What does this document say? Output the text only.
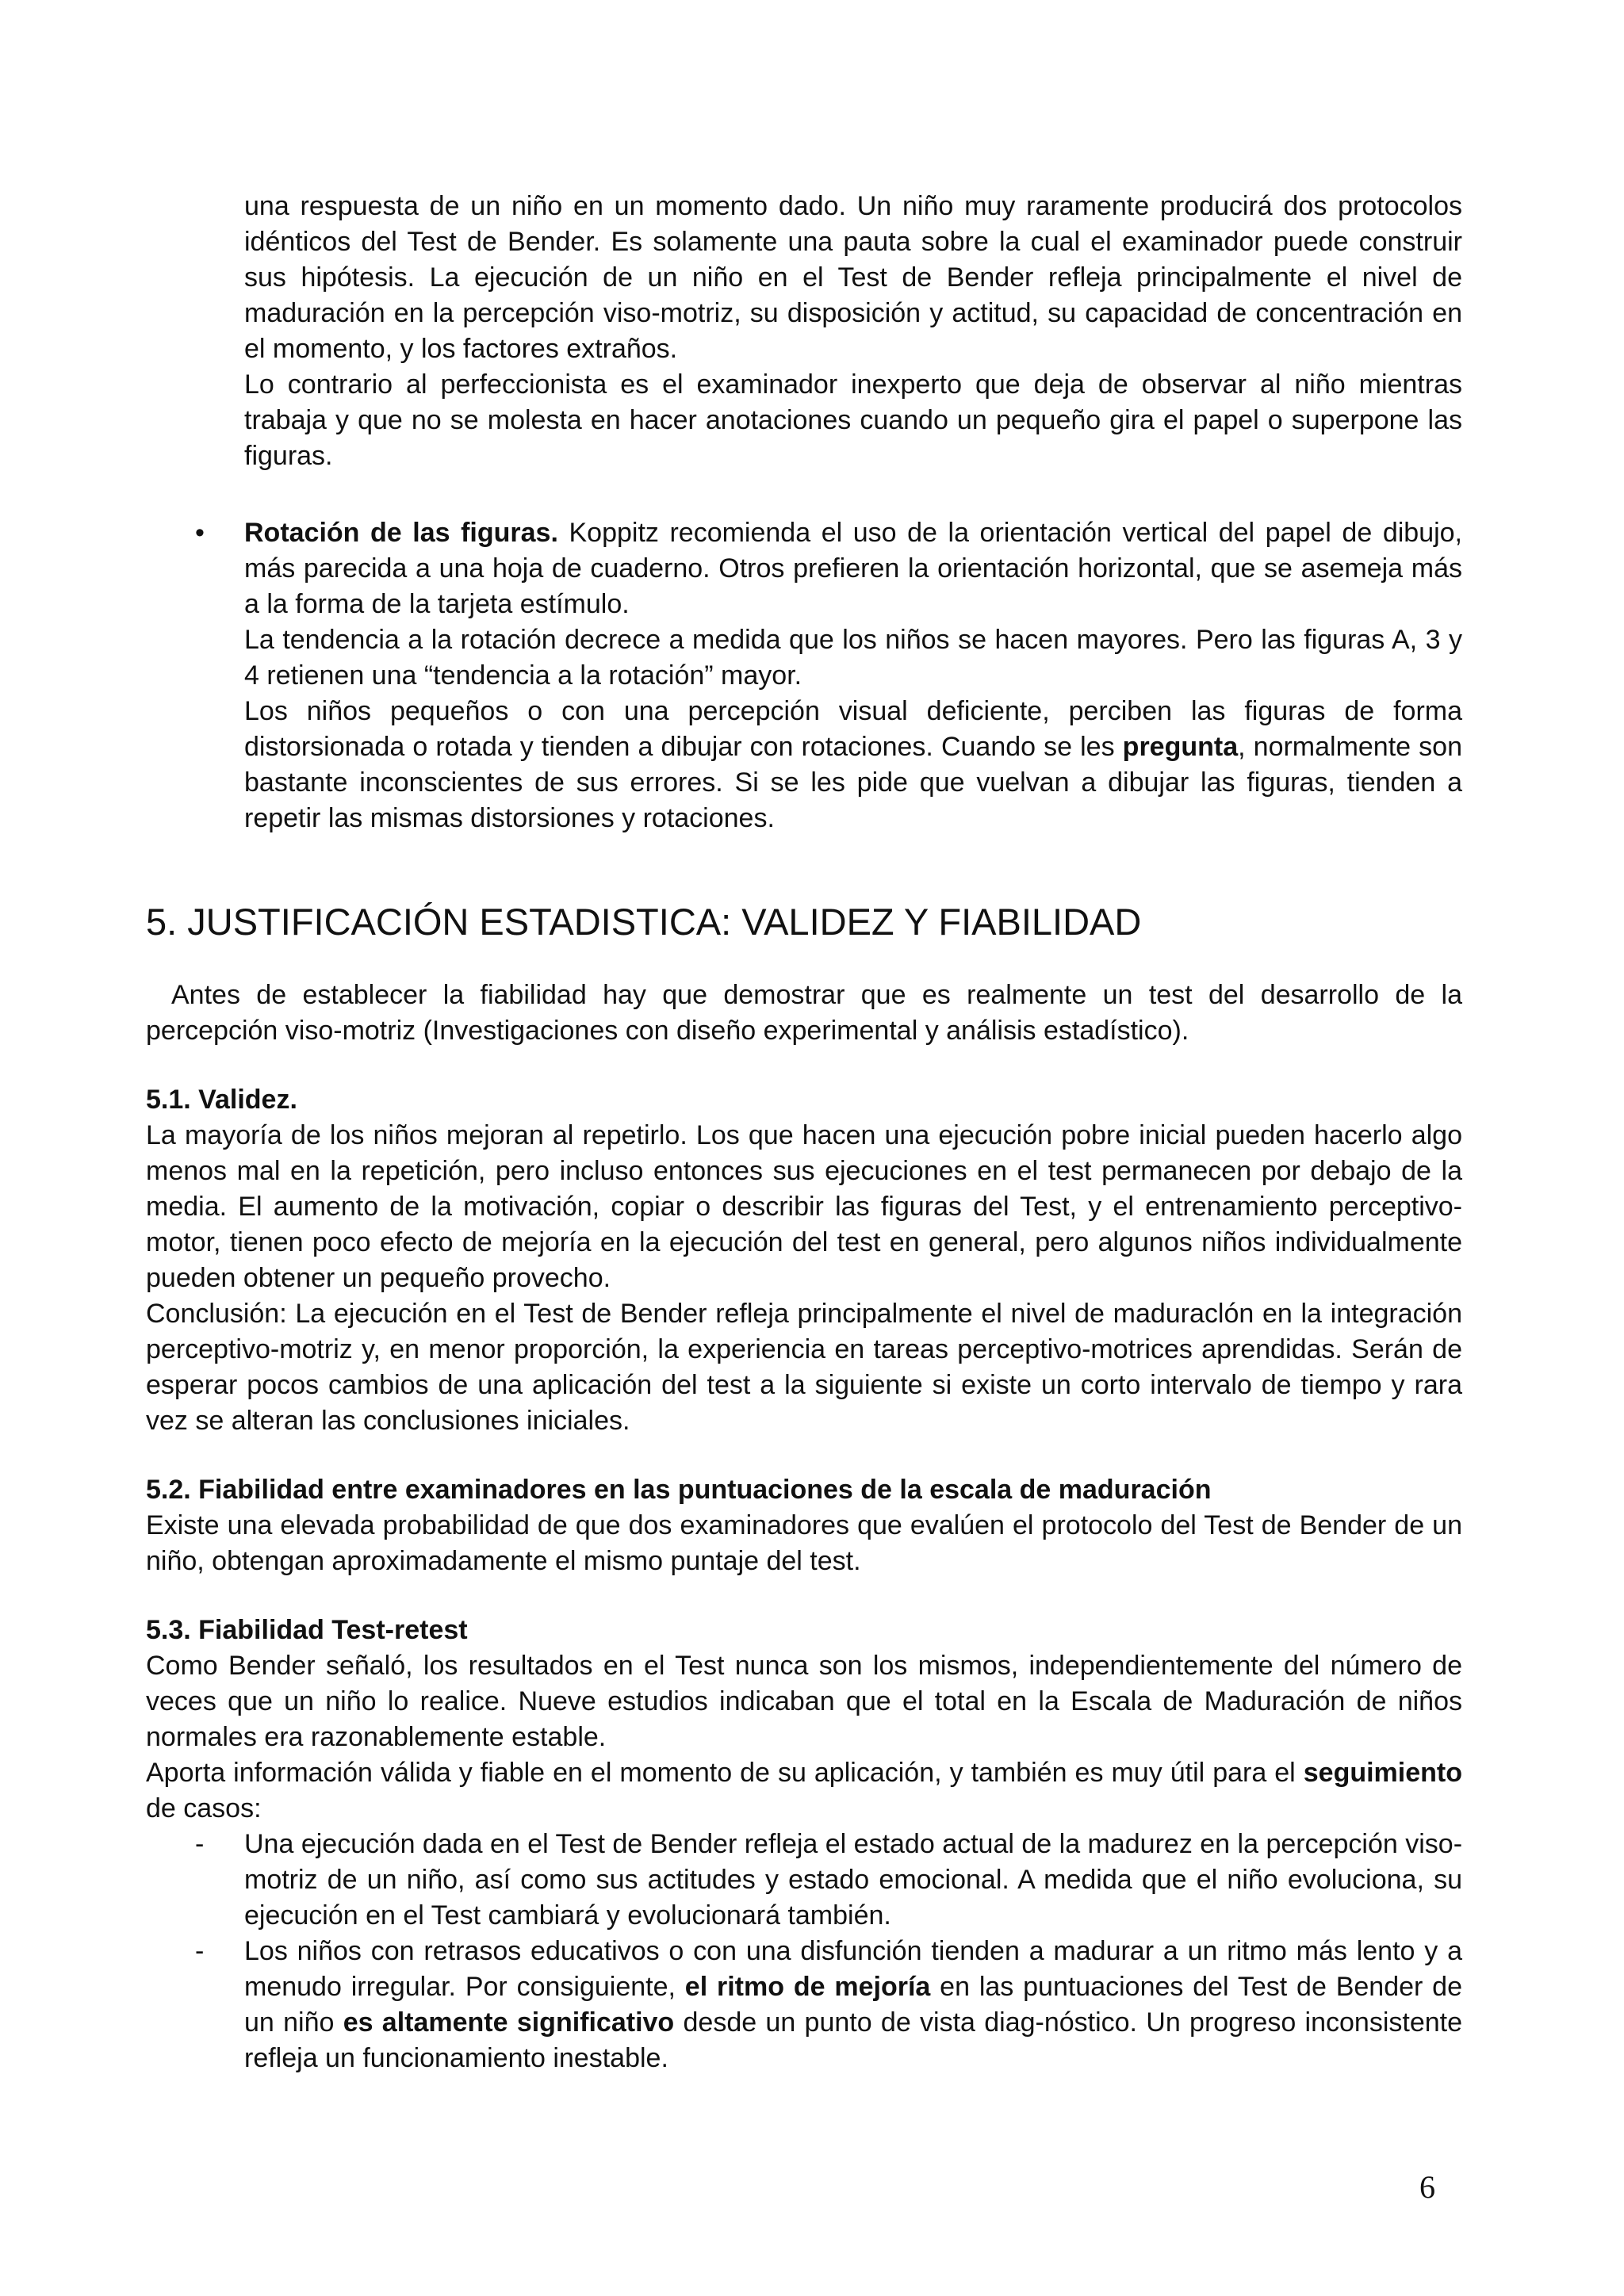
una respuesta de un niño en un momento dado. Un niño muy raramente producirá dos protocolos idénticos del Test de Bender. Es solamente una pauta sobre la cual el examinador puede construir sus hipótesis. La ejecución de un niño en el Test de Bender refleja principalmente el nivel de maduración en la percepción viso-motriz, su disposición y actitud, su capacidad de concentración en el momento, y los factores extraños.

Lo contrario al perfeccionista es el examinador inexperto que deja de observar al niño mientras trabaja y que no se molesta en hacer anotaciones cuando un pequeño gira el papel o superpone las figuras.

• Rotación de las figuras. Koppitz recomienda el uso de la orientación vertical del papel de dibujo, más parecida a una hoja de cuaderno. Otros prefieren la orientación horizontal, que se asemeja más a la forma de la tarjeta estímulo.

La tendencia a la rotación decrece a medida que los niños se hacen mayores. Pero las figuras A, 3 y 4 retienen una “tendencia a la rotación” mayor.

Los niños pequeños o con una percepción visual deficiente, perciben las figuras de forma distorsionada o rotada y tienden a dibujar con rotaciones. Cuando se les pregunta, normalmente son bastante inconscientes de sus errores. Si se les pide que vuelvan a dibujar las figuras, tienden a repetir las mismas distorsiones y rotaciones.

5. JUSTIFICACIÓN ESTADISTICA: VALIDEZ Y FIABILIDAD

Antes de establecer la fiabilidad hay que demostrar que es realmente un test del desarrollo de la percepción viso-motriz (Investigaciones con diseño experimental y análisis estadístico).

5.1. Validez.

La mayoría de los niños mejoran al repetirlo. Los que hacen una ejecución pobre inicial pueden hacerlo algo menos mal en la repetición, pero incluso entonces sus ejecuciones en el test permanecen por debajo de la media. El aumento de la motivación, copiar o describir las figuras del Test, y el entrenamiento perceptivo-motor, tienen poco efecto de mejoría en la ejecución del test en general, pero algunos niños individualmente pueden obtener un pequeño provecho.

Conclusión: La ejecución en el Test de Bender refleja principalmente el nivel de maduraclón en la integración perceptivo-motriz y, en menor proporción, la experiencia en tareas perceptivo-motrices aprendidas. Serán de esperar pocos cambios de una aplicación del test a la siguiente si existe un corto intervalo de tiempo y rara vez se alteran las conclusiones iniciales.

5.2. Fiabilidad entre examinadores en las puntuaciones de la escala de maduración

Existe una elevada probabilidad de que dos examinadores que evalúen el protocolo del Test de Bender de un niño, obtengan aproximadamente el mismo puntaje del test.

5.3. Fiabilidad Test-retest

Como Bender señaló, los resultados en el Test nunca son los mismos, independientemente del número de veces que un niño lo realice. Nueve estudios indicaban que el total en la Escala de Maduración de niños normales era razonablemente estable.

Aporta información válida y fiable en el momento de su aplicación, y también es muy útil para el seguimiento de casos:

- Una ejecución dada en el Test de Bender refleja el estado actual de la madurez en la percepción viso-motriz de un niño, así como sus actitudes y estado emocional. A medida que el niño evoluciona, su ejecución en el Test cambiará y evolucionará también.

- Los niños con retrasos educativos o con una disfunción tienden a madurar a un ritmo más lento y a menudo irregular. Por consiguiente, el ritmo de mejoría en las puntuaciones del Test de Bender de un niño es altamente significativo desde un punto de vista diag-nóstico. Un progreso inconsistente refleja un funcionamiento inestable.

6
